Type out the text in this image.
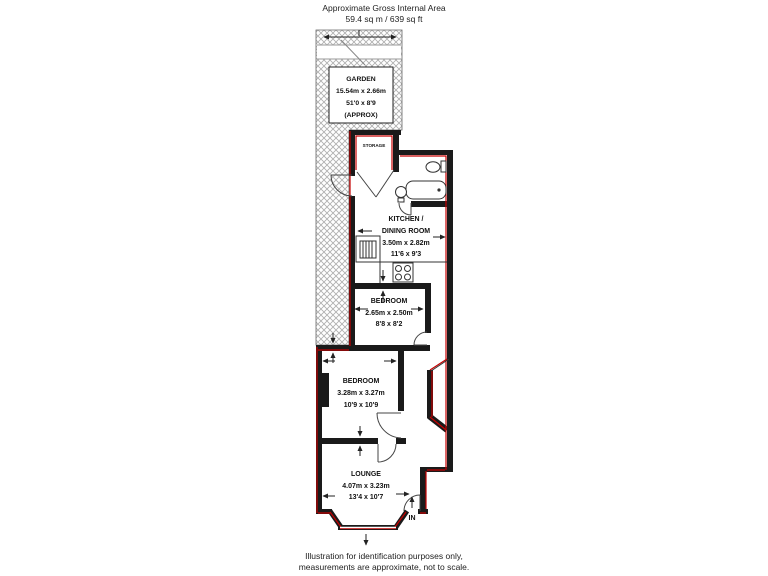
Approximate Gross Internal Area
59.4 sq m / 639 sq ft
GARDEN
15.54m x 2.66m
51'0 x 8'9
(APPROX)
STORAGE
KITCHEN /
DINING ROOM
3.50m x 2.82m
11'6 x 9'3
BEDROOM
2.65m x 2.50m
8'8 x 8'2
BEDROOM
3.28m x 3.27m
10'9 x 10'9
LOUNGE
4.07m x 3.23m
13'4 x 10'7
IN
Illustration for identification purposes only,
measurements are approximate, not to scale.
